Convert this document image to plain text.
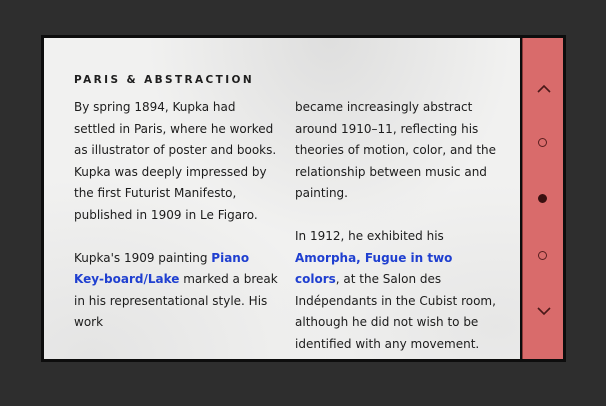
PARIS & ABSTRACTION

By spring 1894, Kupka had settled in Paris, where he worked as illustrator of poster and books. Kupka was deeply impressed by the first Futurist Manifesto, published in 1909 in Le Figaro.

Kupka's 1909 painting Piano Key-board/Lake marked a break in his representational style. His work

became increasingly abstract around 1910–11, reflecting his theories of motion, color, and the relationship between music and painting.

In 1912, he exhibited his Amorpha, Fugue in two colors, at the Salon des Indépendants in the Cubist room, although he did not wish to be identified with any movement.
